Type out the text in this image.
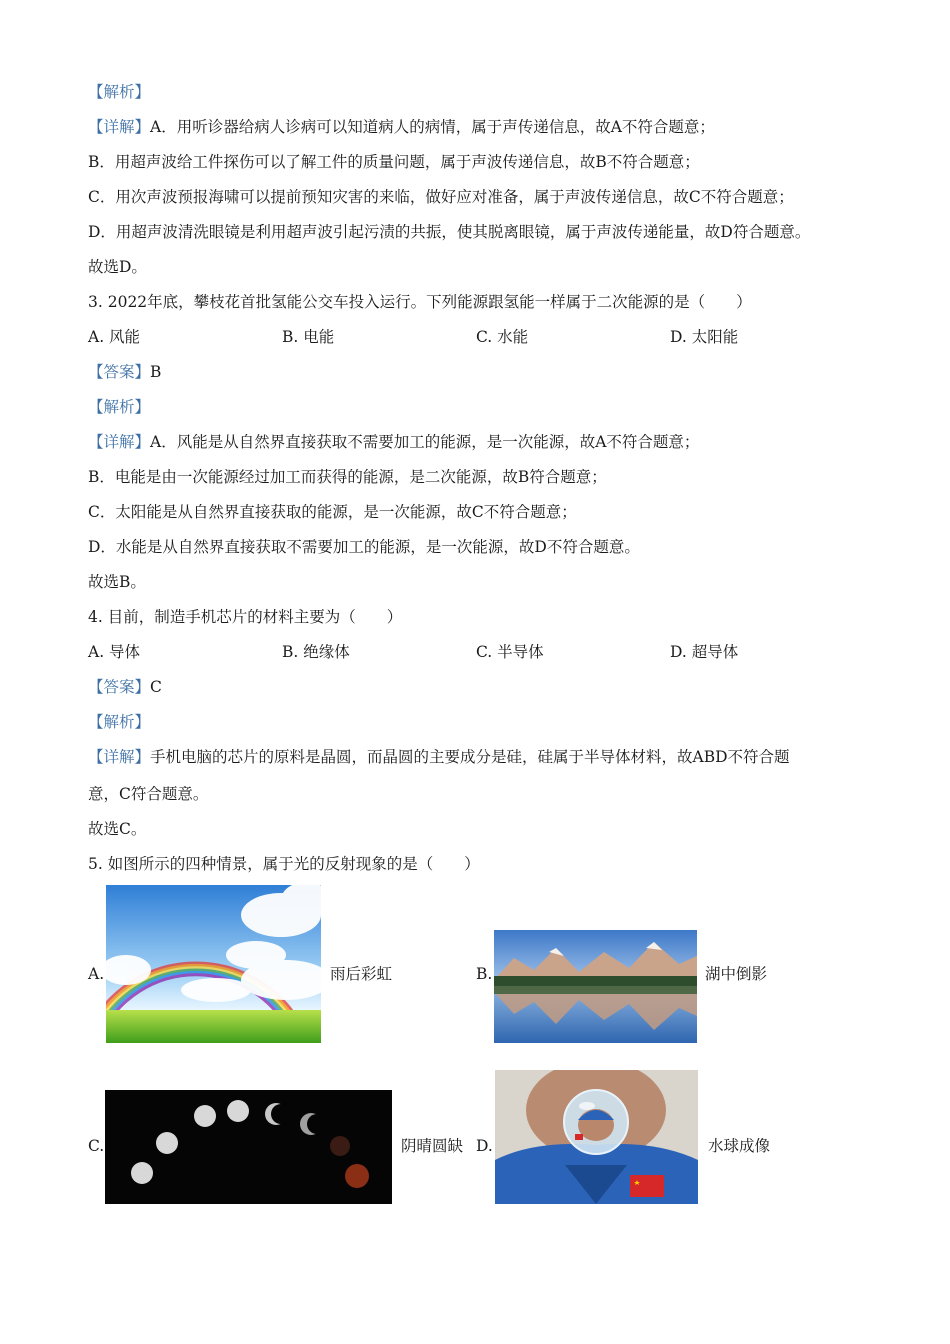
【解析】
【详解】A．用听诊器给病人诊病可以知道病人的病情，属于声传递信息，故A不符合题意；
B．用超声波给工件探伤可以了解工件的质量问题，属于声波传递信息，故B不符合题意；
C．用次声波预报海啸可以提前预知灾害的来临，做好应对准备，属于声波传递信息，故C不符合题意；
D．用超声波清洗眼镜是利用超声波引起污渍的共振，使其脱离眼镜，属于声波传递能量，故D符合题意。
故选D。
3. 2022年底，攀枝花首批氢能公交车投入运行。下列能源跟氢能一样属于二次能源的是（　　）
A. 风能	B. 电能	C. 水能	D. 太阳能
【答案】B
【解析】
【详解】A．风能是从自然界直接获取不需要加工的能源，是一次能源，故A不符合题意；
B．电能是由一次能源经过加工而获得的能源，是二次能源，故B符合题意；
C．太阳能是从自然界直接获取的能源，是一次能源，故C不符合题意；
D．水能是从自然界直接获取不需要加工的能源，是一次能源，故D不符合题意。
故选B。
4. 目前，制造手机芯片的材料主要为（　　）
A. 导体	B. 绝缘体	C. 半导体	D. 超导体
【答案】C
【解析】
【详解】手机电脑的芯片的原料是晶圆，而晶圆的主要成分是硅，硅属于半导体材料，故ABD不符合题
意，C符合题意。
故选C。
5. 如图所示的四种情景，属于光的反射现象的是（　　）
A.	雨后彩虹	B.	湖中倒影
C.	阴晴圆缺 D.	水球成像
